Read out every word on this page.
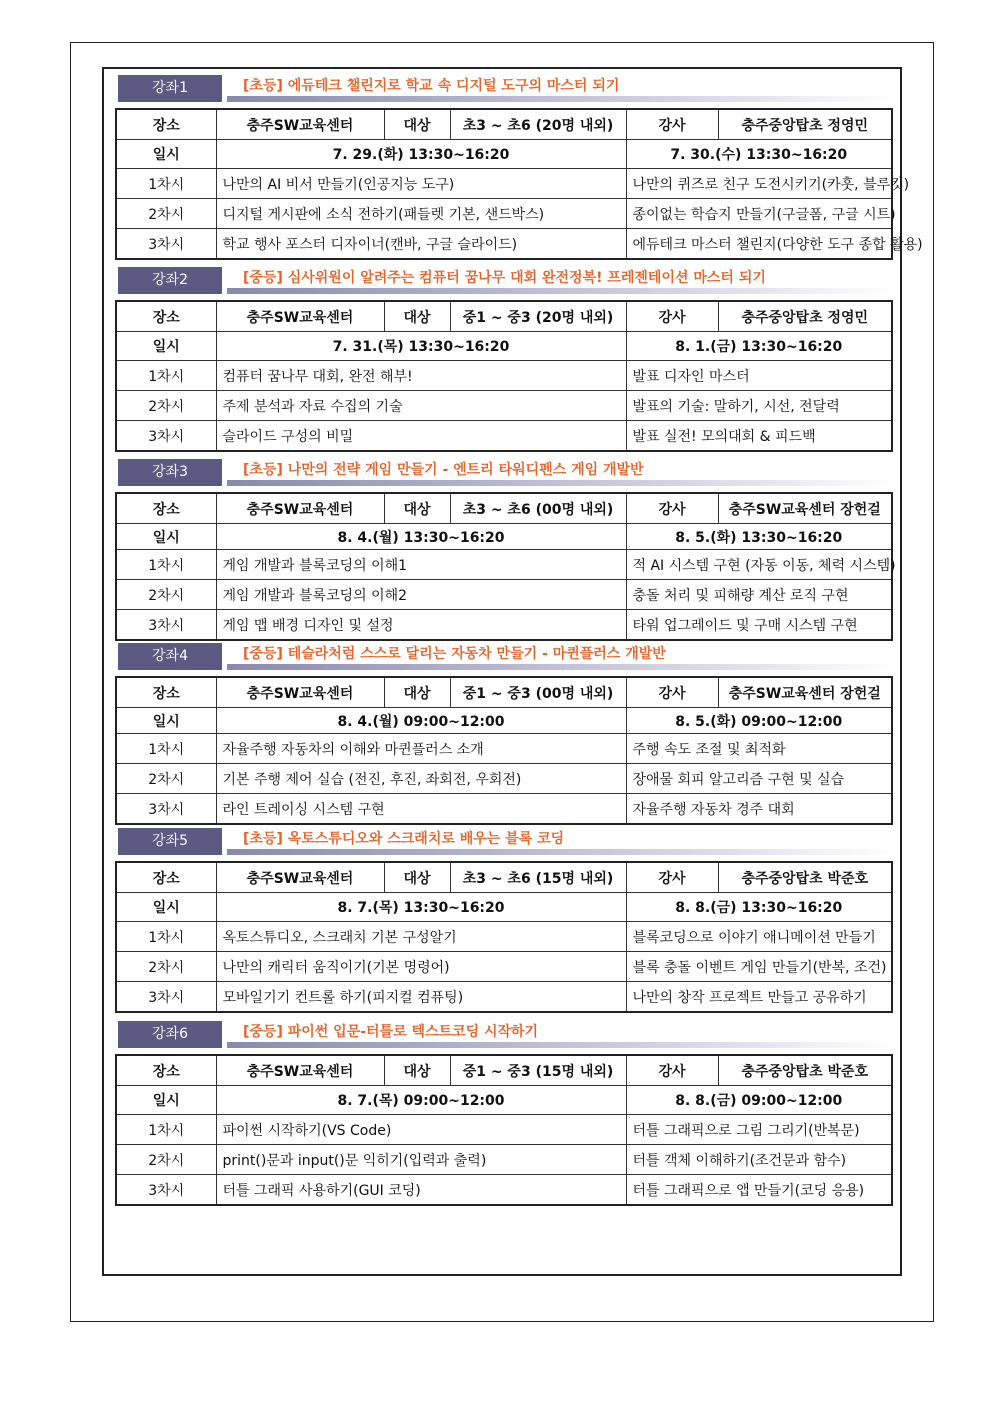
강좌1	[초등] 에듀테크 챌린지로 학교 속 디지털 도구의 마스터 되기
장소	충주SW교육센터	대상	초3 ~ 초6 (20명 내외)	강사	충주중앙탑초 정영민
일시	7. 29.(화) 13:30~16:20			7. 30.(수) 13:30~16:20	
1차시	나만의 AI 비서 만들기(인공지능 도구)			나만의 퀴즈로 친구 도전시키기(카훗, 블루킷)	
2차시	디지털 게시판에 소식 전하기(패들렛 기본, 샌드박스)			종이없는 학습지 만들기(구글폼, 구글 시트)	
3차시	학교 행사 포스터 디자이너(캔바, 구글 슬라이드)			에듀테크 마스터 챌린지(다양한 도구 종합 활용)	
강좌2	[중등] 심사위원이 알려주는 컴퓨터 꿈나무 대회 완전정복! 프레젠테이션 마스터 되기
장소	충주SW교육센터	대상	중1 ~ 중3 (20명 내외)	강사	충주중앙탑초 정영민
일시	7. 31.(목) 13:30~16:20			8. 1.(금) 13:30~16:20	
1차시	컴퓨터 꿈나무 대회, 완전 해부!			발표 디자인 마스터	
2차시	주제 분석과 자료 수집의 기술			발표의 기술: 말하기, 시선, 전달력	
3차시	슬라이드 구성의 비밀			발표 실전! 모의대회 & 피드백	
강좌3	[초등] 나만의 전략 게임 만들기 - 엔트리 타워디펜스 게임 개발반
장소	충주SW교육센터	대상	초3 ~ 초6 (00명 내외)	강사	충주SW교육센터 장헌걸
일시	8. 4.(월) 13:30~16:20			8. 5.(화) 13:30~16:20	
1차시	게임 개발과 블록코딩의 이해1			적 AI 시스템 구현 (자동 이동, 체력 시스템)	
2차시	게임 개발과 블록코딩의 이해2			충돌 처리 및 피해량 계산 로직 구현	
3차시	게임 맵 배경 디자인 및 설정			타워 업그레이드 및 구매 시스템 구현	
강좌4	[중등] 테슬라처럼 스스로 달리는 자동차 만들기 - 마퀸플러스 개발반
장소	충주SW교육센터	대상	중1 ~ 중3 (00명 내외)	강사	충주SW교육센터 장헌걸
일시	8. 4.(월) 09:00~12:00			8. 5.(화) 09:00~12:00	
1차시	자율주행 자동차의 이해와 마퀸플러스 소개			주행 속도 조절 및 최적화	
2차시	기본 주행 제어 실습 (전진, 후진, 좌회전, 우회전)			장애물 회피 알고리즘 구현 및 실습	
3차시	라인 트레이싱 시스템 구현			자율주행 자동차 경주 대회	
강좌5	[초등] 옥토스튜디오와 스크래치로 배우는 블록 코딩
장소	충주SW교육센터	대상	초3 ~ 초6 (15명 내외)	강사	충주중앙탑초 박준호
일시	8. 7.(목) 13:30~16:20			8. 8.(금) 13:30~16:20	
1차시	옥토스튜디오, 스크래치 기본 구성알기			블록코딩으로 이야기 애니메이션 만들기	
2차시	나만의 캐릭터 움직이기(기본 명령어)			블록 충돌 이벤트 게임 만들기(반복, 조건)	
3차시	모바일기기 컨트롤 하기(피지컬 컴퓨팅)			나만의 창작 프로젝트 만들고 공유하기	
강좌6	[중등] 파이썬 입문-터틀로 텍스트코딩 시작하기
장소	충주SW교육센터	대상	중1 ~ 중3 (15명 내외)	강사	충주중앙탑초 박준호
일시	8. 7.(목) 09:00~12:00			8. 8.(금) 09:00~12:00	
1차시	파이썬 시작하기(VS Code)			터틀 그래픽으로 그림 그리기(반복문)	
2차시	print()문과 input()문 익히기(입력과 출력)			터틀 객체 이해하기(조건문과 함수)	
3차시	터틀 그래픽 사용하기(GUI 코딩)			터틀 그래픽으로 앱 만들기(코딩 응용)	
